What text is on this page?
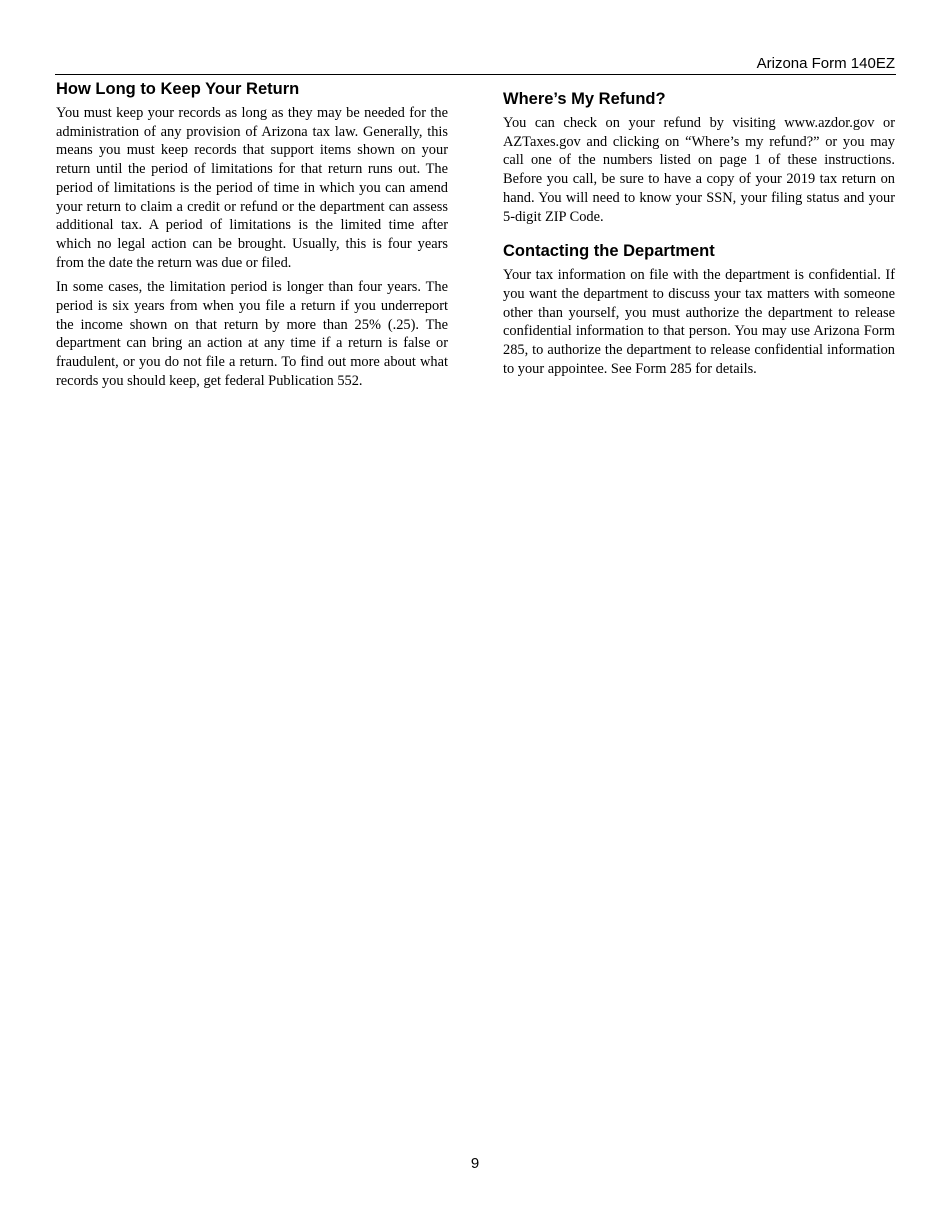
Arizona Form 140EZ
How Long to Keep Your Return

You must keep your records as long as they may be needed for the administration of any provision of Arizona tax law. Generally, this means you must keep records that support items shown on your return until the period of limitations for that return runs out. The period of limitations is the period of time in which you can amend your return to claim a credit or refund or the department can assess additional tax. A period of limitations is the limited time after which no legal action can be brought. Usually, this is four years from the date the return was due or filed.

In some cases, the limitation period is longer than four years. The period is six years from when you file a return if you underreport the income shown on that return by more than 25% (.25). The department can bring an action at any time if a return is false or fraudulent, or you do not file a return. To find out more about what records you should keep, get federal Publication 552.

Where’s My Refund?

You can check on your refund by visiting www.azdor.gov or AZTaxes.gov and clicking on “Where’s my refund?” or you may call one of the numbers listed on page 1 of these instructions. Before you call, be sure to have a copy of your 2019 tax return on hand. You will need to know your SSN, your filing status and your 5-digit ZIP Code.

Contacting the Department

Your tax information on file with the department is confidential. If you want the department to discuss your tax matters with someone other than yourself, you must authorize the department to release confidential information to that person. You may use Arizona Form 285, to authorize the department to release confidential information to your appointee. See Form 285 for details.

9
